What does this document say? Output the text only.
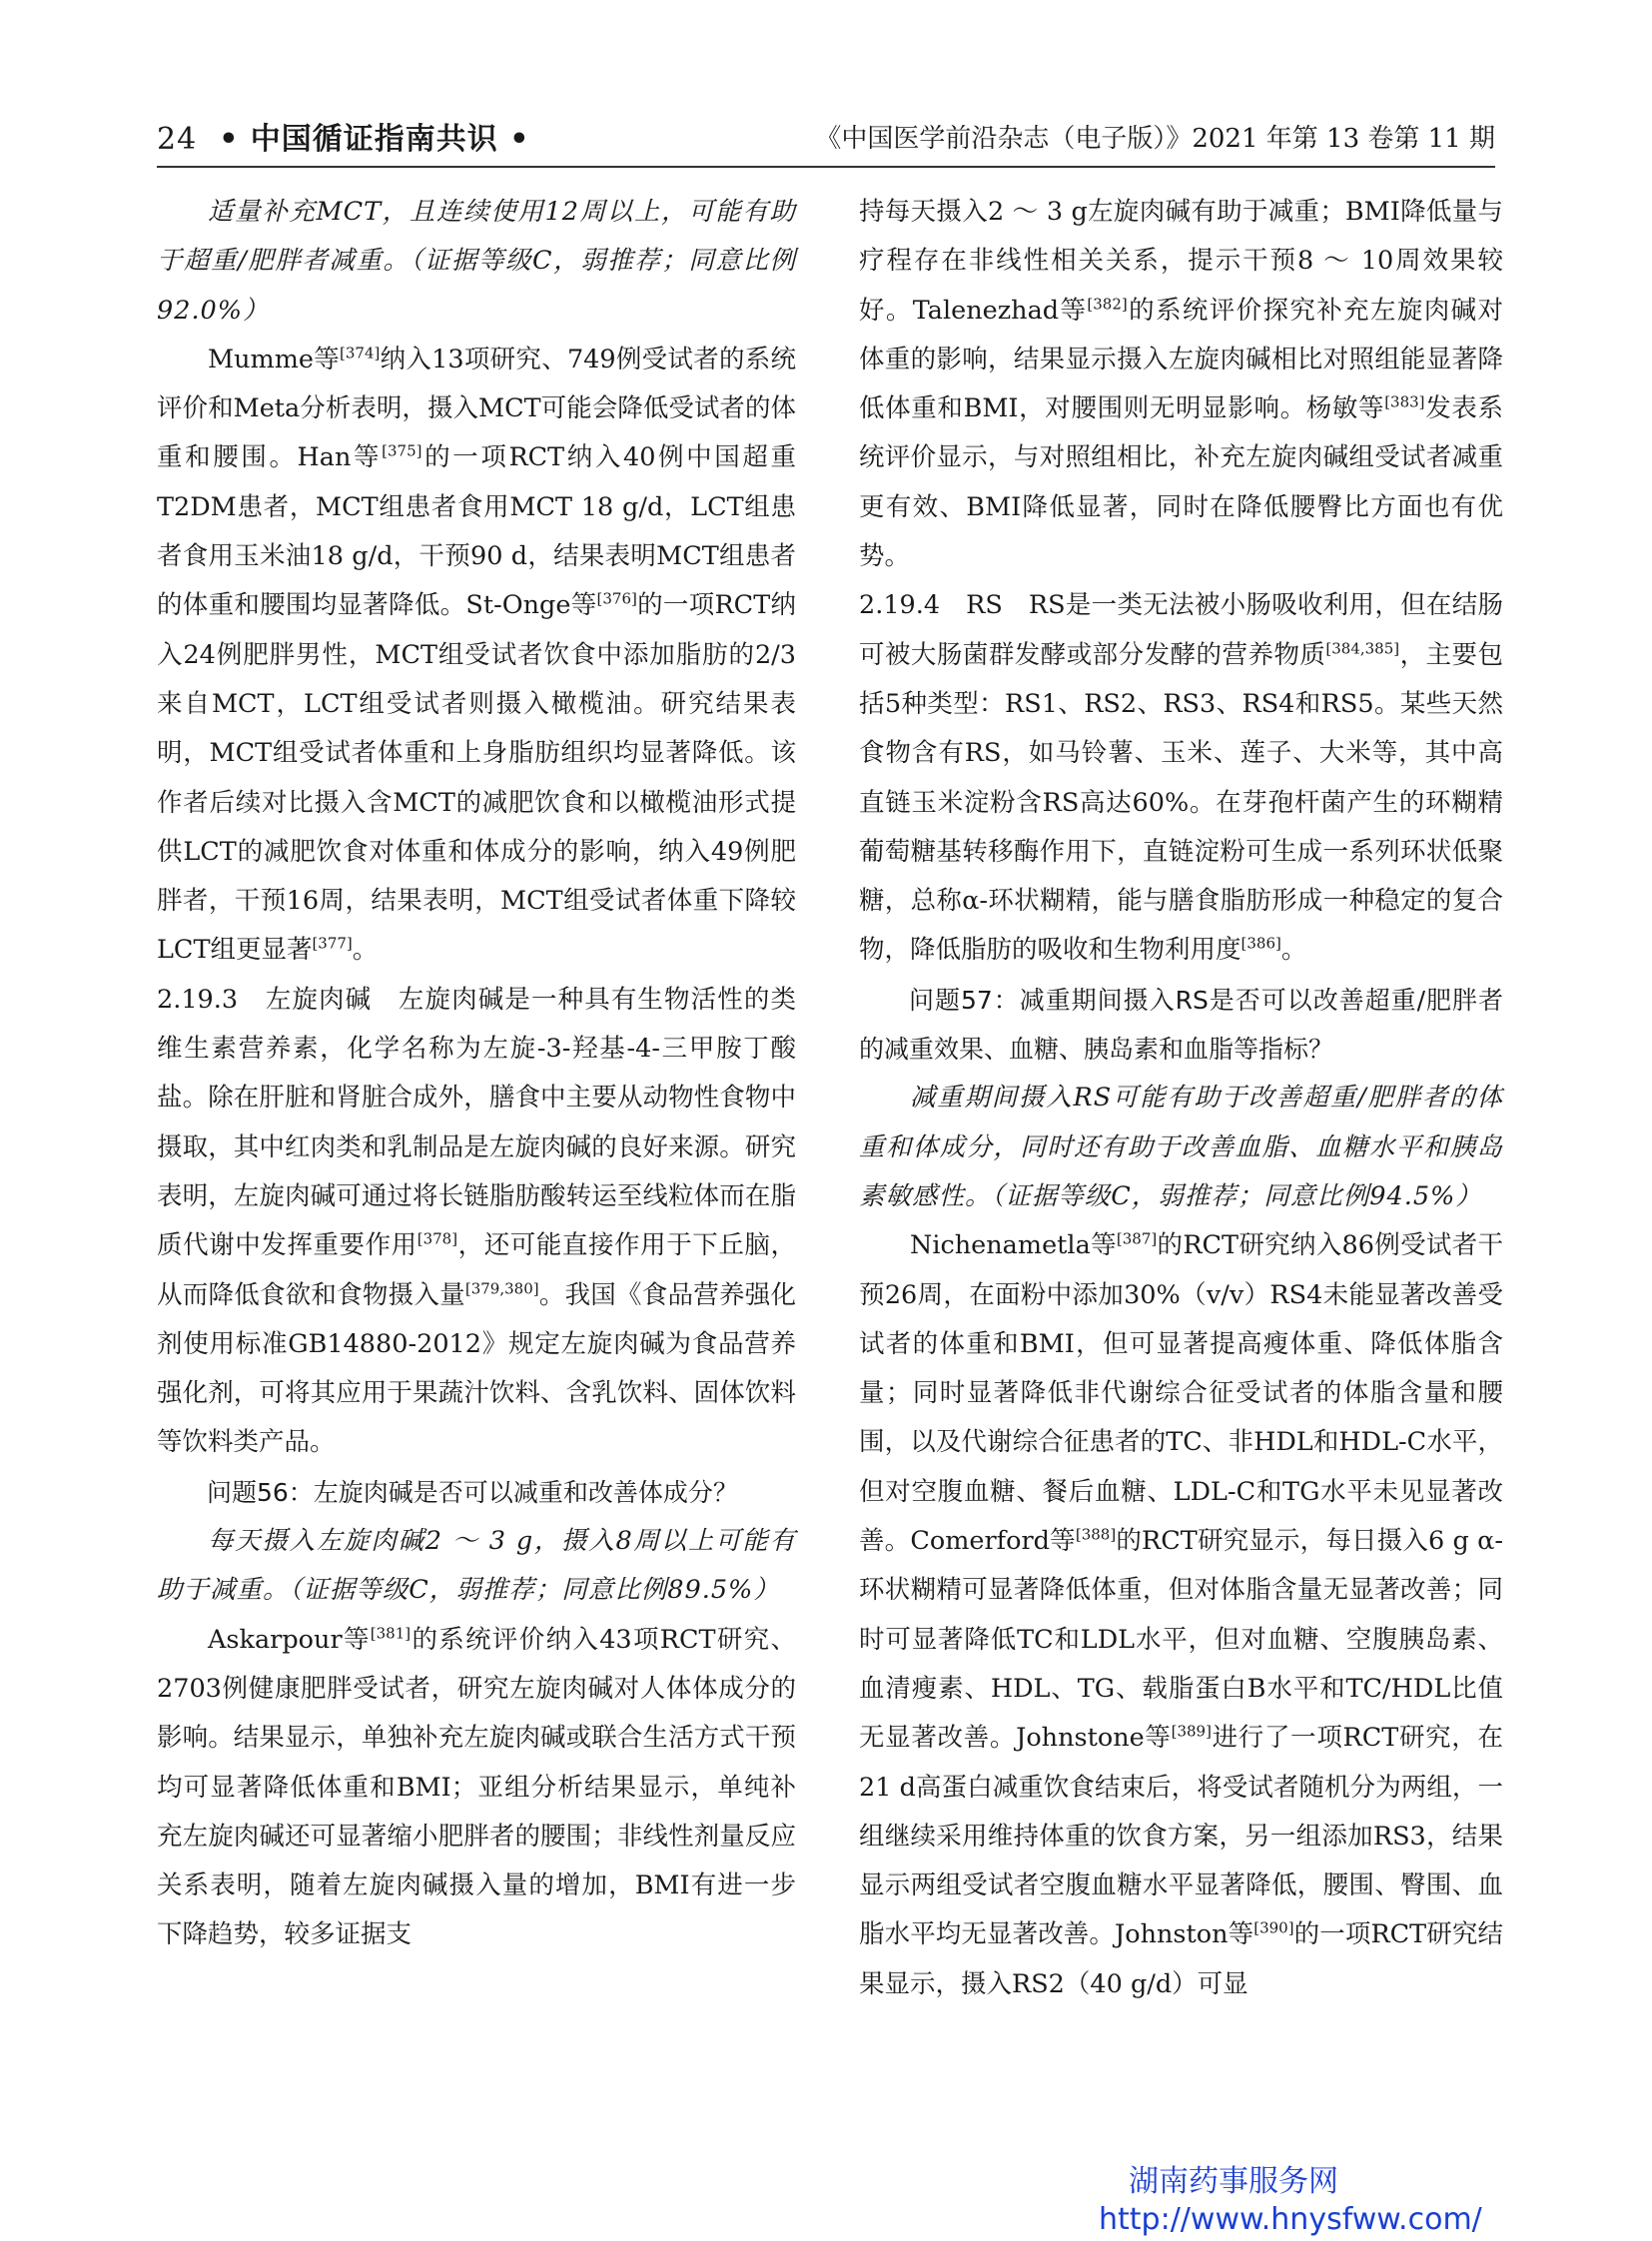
24 • 中国循证指南共识 •	《中国医学前沿杂志（电子版）》2021 年第 13 卷第 11 期

适量补充MCT，且连续使用12周以上，可能有助于超重/肥胖者减重。（证据等级C，弱推荐；同意比例92.0%）

Mumme等[374]纳入13项研究、749例受试者的系统评价和Meta分析表明，摄入MCT可能会降低受试者的体重和腰围。Han等[375]的一项RCT纳入40例中国超重T2DM患者，MCT组患者食用MCT 18 g/d，LCT组患者食用玉米油18 g/d，干预90 d，结果表明MCT组患者的体重和腰围均显著降低。St-Onge等[376]的一项RCT纳入24例肥胖男性，MCT组受试者饮食中添加脂肪的2/3来自MCT，LCT组受试者则摄入橄榄油。研究结果表明，MCT组受试者体重和上身脂肪组织均显著降低。该作者后续对比摄入含MCT的减肥饮食和以橄榄油形式提供LCT的减肥饮食对体重和体成分的影响，纳入49例肥胖者，干预16周，结果表明，MCT组受试者体重下降较LCT组更显著[377]。

2.19.3　左旋肉碱　左旋肉碱是一种具有生物活性的类维生素营养素，化学名称为左旋-3-羟基-4-三甲胺丁酸盐。除在肝脏和肾脏合成外，膳食中主要从动物性食物中摄取，其中红肉类和乳制品是左旋肉碱的良好来源。研究表明，左旋肉碱可通过将长链脂肪酸转运至线粒体而在脂质代谢中发挥重要作用[378]，还可能直接作用于下丘脑，从而降低食欲和食物摄入量[379,380]。我国《食品营养强化剂使用标准GB14880-2012》规定左旋肉碱为食品营养强化剂，可将其应用于果蔬汁饮料、含乳饮料、固体饮料等饮料类产品。

问题56：左旋肉碱是否可以减重和改善体成分？

每天摄入左旋肉碱2 ～ 3 g，摄入8周以上可能有助于减重。（证据等级C，弱推荐；同意比例89.5%）

Askarpour等[381]的系统评价纳入43项RCT研究、2703例健康肥胖受试者，研究左旋肉碱对人体体成分的影响。结果显示，单独补充左旋肉碱或联合生活方式干预均可显著降低体重和BMI；亚组分析结果显示，单纯补充左旋肉碱还可显著缩小肥胖者的腰围；非线性剂量反应关系表明，随着左旋肉碱摄入量的增加，BMI有进一步下降趋势，较多证据支

持每天摄入2 ～ 3 g左旋肉碱有助于减重；BMI降低量与疗程存在非线性相关关系，提示干预8 ～ 10周效果较好。Talenezhad等[382]的系统评价探究补充左旋肉碱对体重的影响，结果显示摄入左旋肉碱相比对照组能显著降低体重和BMI，对腰围则无明显影响。杨敏等[383]发表系统评价显示，与对照组相比，补充左旋肉碱组受试者减重更有效、BMI降低显著，同时在降低腰臀比方面也有优势。

2.19.4　RS　RS是一类无法被小肠吸收利用，但在结肠可被大肠菌群发酵或部分发酵的营养物质[384,385]，主要包括5种类型：RS1、RS2、RS3、RS4和RS5。某些天然食物含有RS，如马铃薯、玉米、莲子、大米等，其中高直链玉米淀粉含RS高达60%。在芽孢杆菌产生的环糊精葡萄糖基转移酶作用下，直链淀粉可生成一系列环状低聚糖，总称α-环状糊精，能与膳食脂肪形成一种稳定的复合物，降低脂肪的吸收和生物利用度[386]。

问题57：减重期间摄入RS是否可以改善超重/肥胖者的减重效果、血糖、胰岛素和血脂等指标？

减重期间摄入RS可能有助于改善超重/肥胖者的体重和体成分，同时还有助于改善血脂、血糖水平和胰岛素敏感性。（证据等级C，弱推荐；同意比例94.5%）

Nichenametla等[387]的RCT研究纳入86例受试者干预26周，在面粉中添加30%（v/v）RS4未能显著改善受试者的体重和BMI，但可显著提高瘦体重、降低体脂含量；同时显著降低非代谢综合征受试者的体脂含量和腰围，以及代谢综合征患者的TC、非HDL和HDL-C水平，但对空腹血糖、餐后血糖、LDL-C和TG水平未见显著改善。Comerford等[388]的RCT研究显示，每日摄入6 g α-环状糊精可显著降低体重，但对体脂含量无显著改善；同时可显著降低TC和LDL水平，但对血糖、空腹胰岛素、血清瘦素、HDL、TG、载脂蛋白B水平和TC/HDL比值无显著改善。Johnstone等[389]进行了一项RCT研究，在21 d高蛋白减重饮食结束后，将受试者随机分为两组，一组继续采用维持体重的饮食方案，另一组添加RS3，结果显示两组受试者空腹血糖水平显著降低，腰围、臀围、血脂水平均无显著改善。Johnston等[390]的一项RCT研究结果显示，摄入RS2（40 g/d）可显

湖南药事服务网
http://www.hnysfww.com/
